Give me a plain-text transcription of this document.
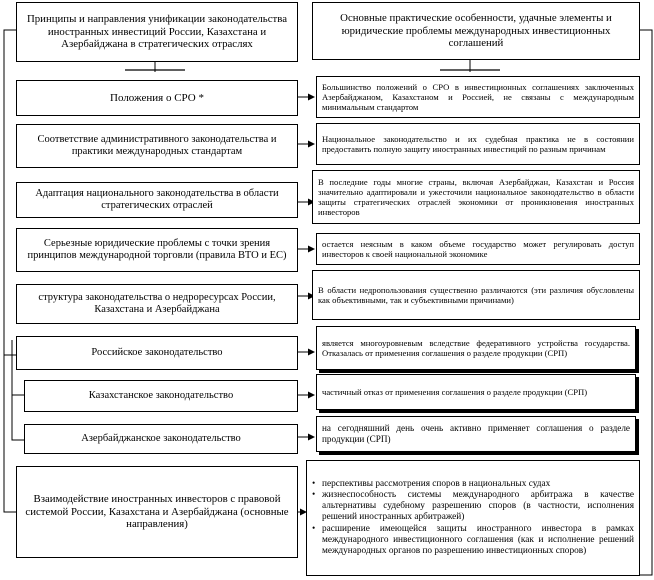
Принципы и направления унификации законодательства иностранных инвестиций России, Казахстана и Азербайджана в стратегических отраслях
Основные практические особенности, удачные элементы и юридические проблемы международных инвестиционных соглашений
Положения о СРО *
Большинство положений о СРО в инвестиционных соглашениях заключенных Азербайджаном, Казахстаном и Россией, не связаны с международным минимальным стандартом
Соответствие административного законодательства и практики международных стандартам
Национальное законодательство и их судебная практика не в состоянии предоставить полную защиту иностранных инвестиций по разным причинам
Адаптация национального законодательства в области стратегических отраслей
В последние годы многие страны, включая Азербайджан, Казахстан и Россия значительно адаптировали и ужесточили национальное законодательство в области защиты стратегических отраслей экономики от проникновения иностранных инвесторов
Серьезные юридические проблемы с точки зрения принципов международной торговли (правила ВТО и ЕС)
остается неясным в каком объеме государство может регулировать доступ инвесторов к своей национальной экономике
структура законодательства о недроресурсах России, Казахстана и Азербайджана
В области недропользования существенно различаются (эти различия обусловлены как объективными, так и субъективными причинами)
Российское законодательство
является многоуровневым вследствие федеративного устройства государства. Отказалась от применения соглашения о разделе продукции (СРП)
Казахстанское законодательство	частичный отказ от применения соглашения о разделе продукции (СРП)
Азербайджанское законодательство
на сегодняшний день очень активно применяет соглашения о разделе продукции (СРП)
Взаимодействие иностранных инвесторов с правовой системой России, Казахстана и Азербайджана (основные направления)
• перспективы рассмотрения споров в национальных судах
• жизнеспособность системы международного арбитража в качестве альтернативы судебному разрешению споров (в частности, исполнения решений иностранных арбитражей)
• расширение имеющейся защиты иностранного инвестора в рамках международного инвестиционного соглашения (как и исполнение решений международных органов по разрешению инвестиционных споров)
